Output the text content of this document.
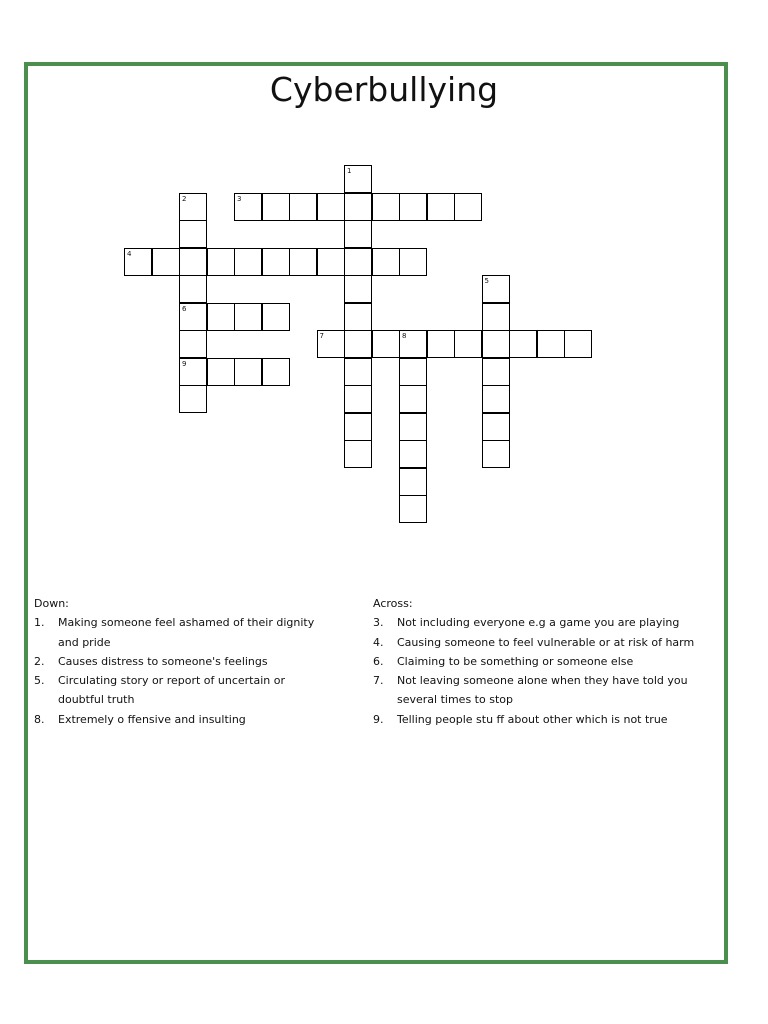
Cyberbullying
1
2
6
9
3
4
5
7	8
Down:
1. Making someone feel ashamed of their dignity and pride
2. Causes distress to someone's feelings
5. Circulating story or report of uncertain or doubtful truth
8. Extremely o ffensive and insulting
Across:
3. Not including everyone e.g a game you are playing
4. Causing someone to feel vulnerable or at risk of harm
6. Claiming to be something or someone else
7. Not leaving someone alone when they have told you several times to stop
9. Telling people stu ff about other which is not true
